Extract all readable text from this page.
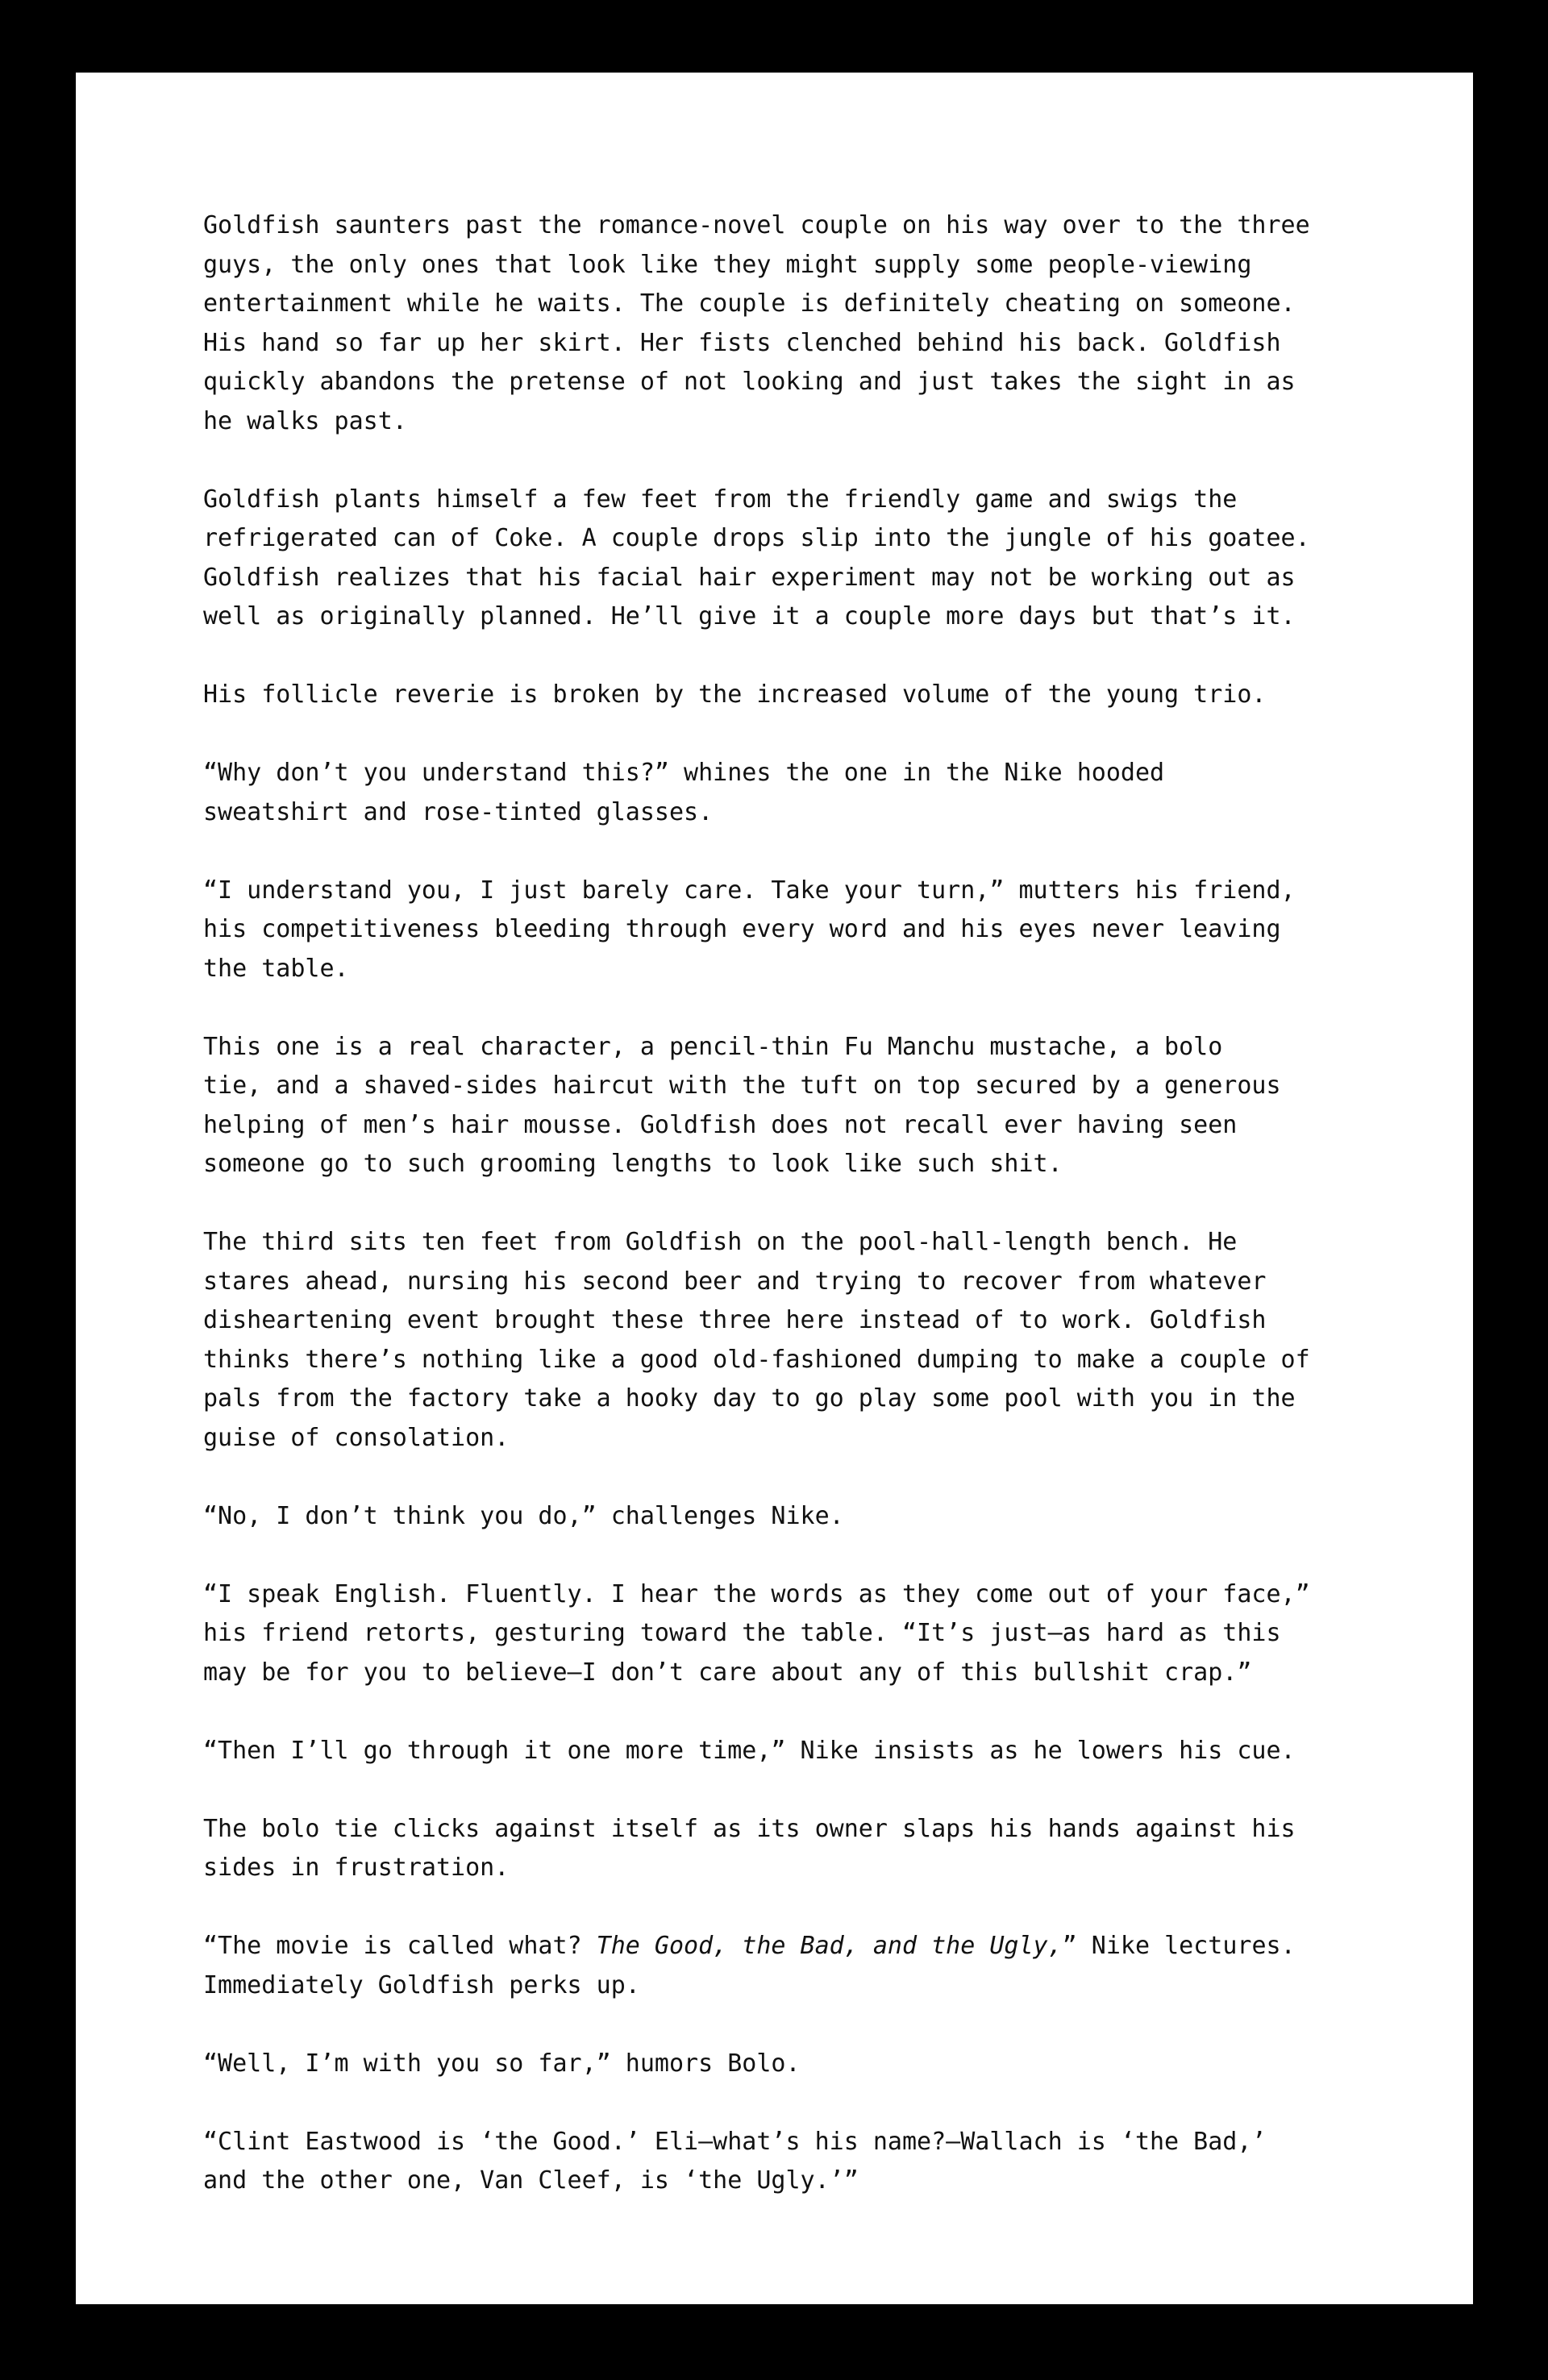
Goldfish saunters past the romance-novel couple on his way over to the three
guys, the only ones that look like they might supply some people-viewing
entertainment while he waits. The couple is definitely cheating on someone.
His hand so far up her skirt. Her fists clenched behind his back. Goldfish
quickly abandons the pretense of not looking and just takes the sight in as
he walks past.

Goldfish plants himself a few feet from the friendly game and swigs the
refrigerated can of Coke. A couple drops slip into the jungle of his goatee.
Goldfish realizes that his facial hair experiment may not be working out as
well as originally planned. He’ll give it a couple more days but that’s it.

His follicle reverie is broken by the increased volume of the young trio.

“Why don’t you understand this?” whines the one in the Nike hooded
sweatshirt and rose-tinted glasses.

“I understand you, I just barely care. Take your turn,” mutters his friend,
his competitiveness bleeding through every word and his eyes never leaving
the table.

This one is a real character, a pencil-thin Fu Manchu mustache, a bolo
tie, and a shaved-sides haircut with the tuft on top secured by a generous
helping of men’s hair mousse. Goldfish does not recall ever having seen
someone go to such grooming lengths to look like such shit.

The third sits ten feet from Goldfish on the pool-hall-length bench. He
stares ahead, nursing his second beer and trying to recover from whatever
disheartening event brought these three here instead of to work. Goldfish
thinks there’s nothing like a good old-fashioned dumping to make a couple of
pals from the factory take a hooky day to go play some pool with you in the
guise of consolation.

“No, I don’t think you do,” challenges Nike.

“I speak English. Fluently. I hear the words as they come out of your face,”
his friend retorts, gesturing toward the table. “It’s just—as hard as this
may be for you to believe—I don’t care about any of this bullshit crap.”

“Then I’ll go through it one more time,” Nike insists as he lowers his cue.

The bolo tie clicks against itself as its owner slaps his hands against his
sides in frustration.

“The movie is called what? The Good, the Bad, and the Ugly,” Nike lectures.
Immediately Goldfish perks up.

“Well, I’m with you so far,” humors Bolo.

“Clint Eastwood is ‘the Good.’ Eli—what’s his name?—Wallach is ‘the Bad,’
and the other one, Van Cleef, is ‘the Ugly.’”
